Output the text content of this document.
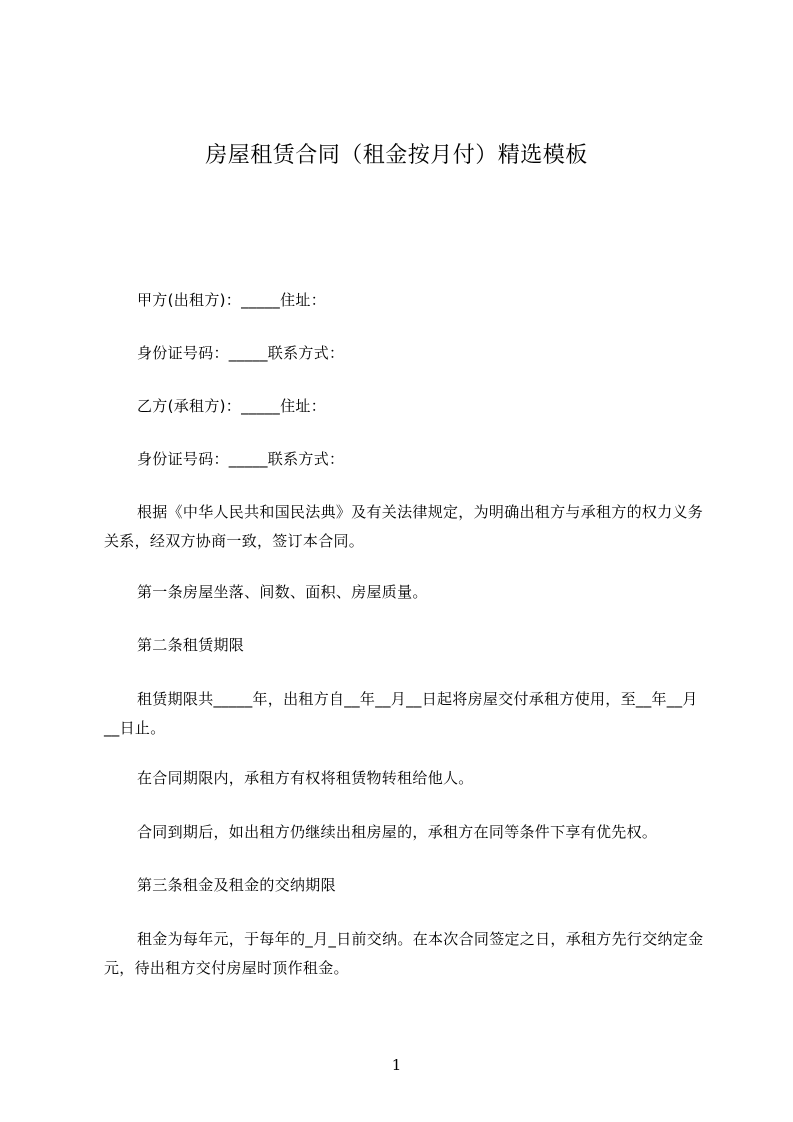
房屋租赁合同（租金按月付）精选模板
甲方(出租方)：_____住址：
身份证号码：_____联系方式：
乙方(承租方)：_____住址：
身份证号码：_____联系方式：
根据《中华人民共和国民法典》及有关法律规定，为明确出租方与承租方的权力义务关系，经双方协商一致，签订本合同。
第一条房屋坐落、间数、面积、房屋质量。
第二条租赁期限
租赁期限共_____年，出租方自__年__月__日起将房屋交付承租方使用，至__年__月__日止。
在合同期限内，承租方有权将租赁物转租给他人。
合同到期后，如出租方仍继续出租房屋的，承租方在同等条件下享有优先权。
第三条租金及租金的交纳期限
租金为每年元，于每年的_月_日前交纳。在本次合同签定之日，承租方先行交纳定金元，待出租方交付房屋时顶作租金。
1
